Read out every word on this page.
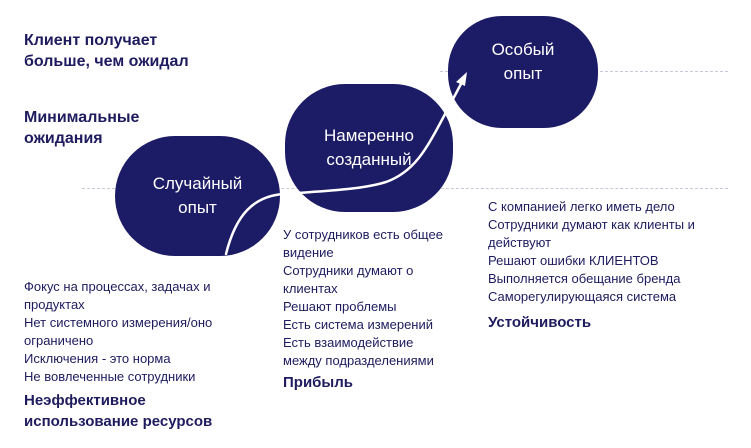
Клиент получает
больше, чем ожидал
Минимальные
ожидания
Случайный
опыт
Намеренно
созданный
Особый
опыт
Фокус на процессах, задачах и
продуктах
Нет системного измерения/оно
ограничено
Исключения - это норма
Не вовлеченные сотрудники
Неэффективное
использование ресурсов
У сотрудников есть общее
видение
Сотрудники думают о
клиентах
Решают проблемы
Есть система измерений
Есть взаимодействие
между подразделениями
Прибыль
С компанией легко иметь дело
Сотрудники думают как клиенты и
действуют
Решают ошибки КЛИЕНТОВ
Выполняется обещание бренда
Саморегулирующаяся система
Устойчивость
